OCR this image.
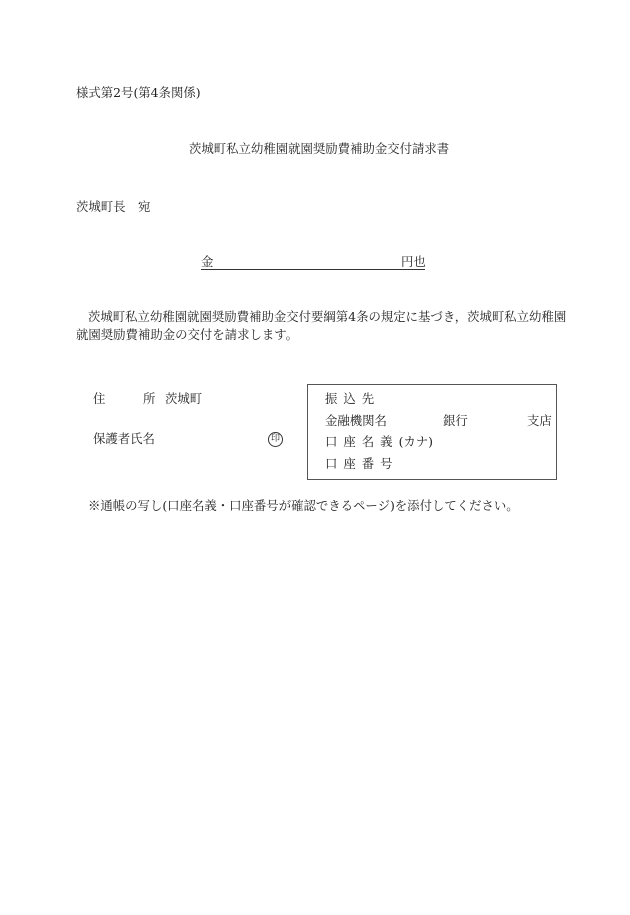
様式第2号(第4条関係)
茨城町私立幼稚園就園奨励費補助金交付請求書
茨城町長　宛
金	円也
茨城町私立幼稚園就園奨励費補助金交付要綱第4条の規定に基づき，茨城町私立幼稚園
就園奨励費補助金の交付を請求します。
住	所 茨城町
保護者氏名	印
振込先
金融機関名	銀行	支店
口座名義(カナ)
口座番号
※通帳の写し(口座名義・口座番号が確認できるページ)を添付してください。
